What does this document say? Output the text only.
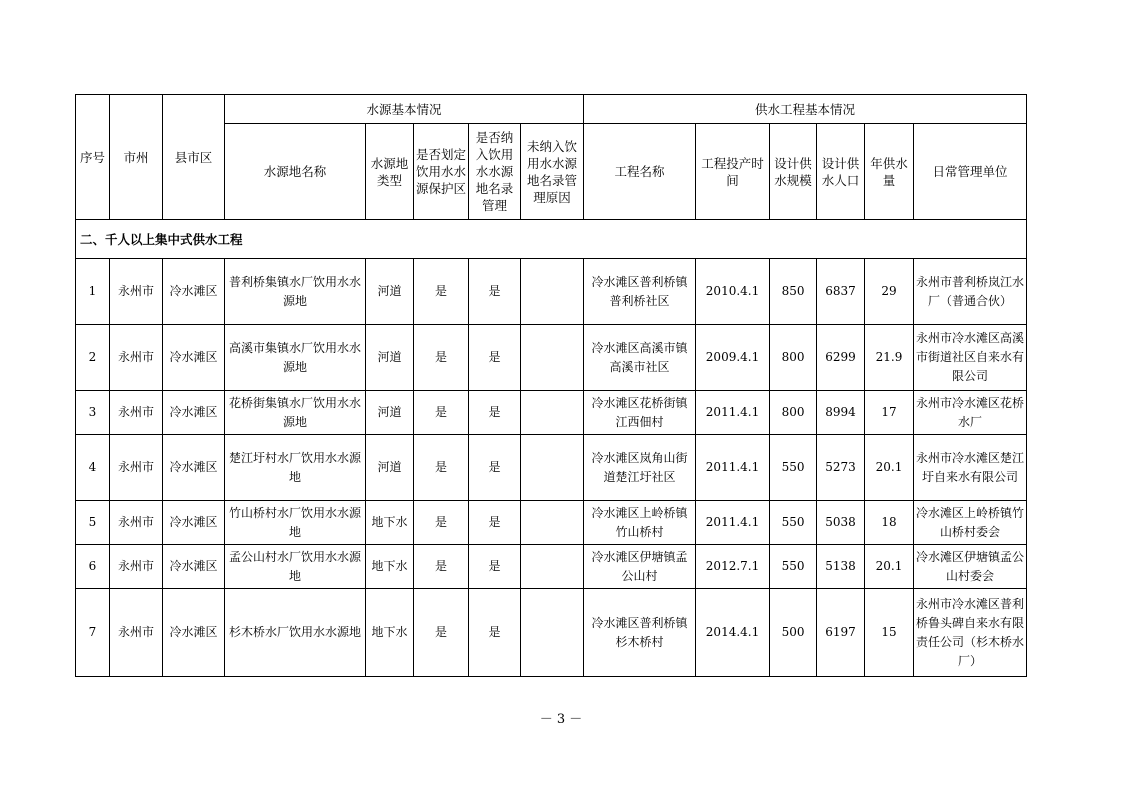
序号	市州	县市区	水源基本情况					供水工程基本情况					
			水源地名称	水源地类型	是否划定饮用水水源保护区	是否纳入饮用水水源地名录管理	未纳入饮用水水源地名录管理原因	工程名称	工程投产时间	设计供水规模	设计供水人口	年供水量	日常管理单位
二、千人以上集中式供水工程													
1	永州市	冷水滩区	普利桥集镇水厂饮用水水源地	河道	是	是		冷水滩区普利桥镇普利桥社区	2010.4.1	850	6837	29	永州市普利桥岚江水厂（普通合伙）
2	永州市	冷水滩区	高溪市集镇水厂饮用水水源地	河道	是	是		冷水滩区高溪市镇高溪市社区	2009.4.1	800	6299	21.9	永州市冷水滩区高溪市街道社区自来水有限公司
3	永州市	冷水滩区	花桥街集镇水厂饮用水水源地	河道	是	是		冷水滩区花桥街镇江西佃村	2011.4.1	800	8994	17	永州市冷水滩区花桥水厂
4	永州市	冷水滩区	楚江圩村水厂饮用水水源地	河道	是	是		冷水滩区岚角山街道楚江圩社区	2011.4.1	550	5273	20.1	永州市冷水滩区楚江圩自来水有限公司
5	永州市	冷水滩区	竹山桥村水厂饮用水水源地	地下水	是	是		冷水滩区上岭桥镇竹山桥村	2011.4.1	550	5038	18	冷水滩区上岭桥镇竹山桥村委会
6	永州市	冷水滩区	孟公山村水厂饮用水水源地	地下水	是	是		冷水滩区伊塘镇孟公山村	2012.7.1	550	5138	20.1	冷水滩区伊塘镇孟公山村委会
7	永州市	冷水滩区	杉木桥水厂饮用水水源地	地下水	是	是		冷水滩区普利桥镇杉木桥村	2014.4.1	500	6197	15	永州市冷水滩区普利桥鲁头碑自来水有限责任公司（杉木桥水厂）
－ 3 －
